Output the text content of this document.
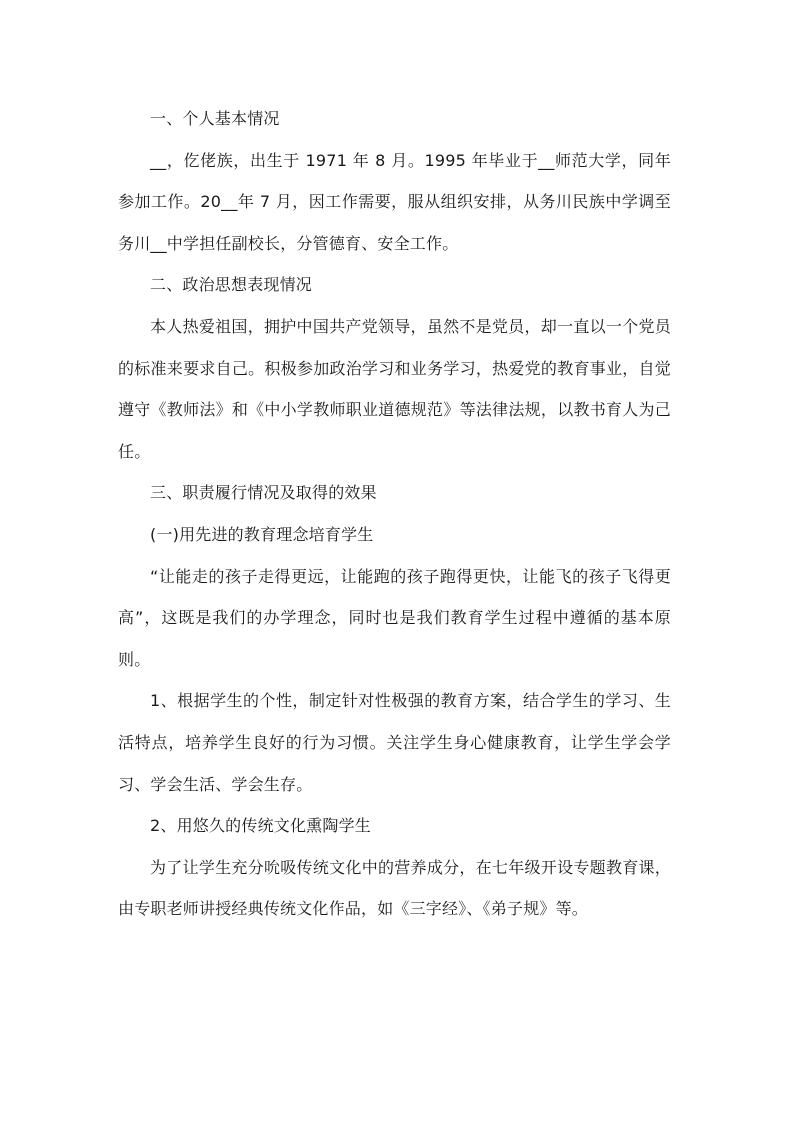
一、个人基本情况

__，仡佬族，出生于 1971 年 8 月。1995 年毕业于__师范大学，同年参加工作。20__年 7 月，因工作需要，服从组织安排，从务川民族中学调至务川__中学担任副校长，分管德育、安全工作。

二、政治思想表现情况

本人热爱祖国，拥护中国共产党领导，虽然不是党员，却一直以一个党员的标准来要求自己。积极参加政治学习和业务学习，热爱党的教育事业，自觉遵守《教师法》和《中小学教师职业道德规范》等法律法规，以教书育人为己任。

三、职责履行情况及取得的效果

(一)用先进的教育理念培育学生

“让能走的孩子走得更远，让能跑的孩子跑得更快，让能飞的孩子飞得更高”，这既是我们的办学理念，同时也是我们教育学生过程中遵循的基本原则。

1、根据学生的个性，制定针对性极强的教育方案，结合学生的学习、生活特点，培养学生良好的行为习惯。关注学生身心健康教育，让学生学会学习、学会生活、学会生存。

2、用悠久的传统文化熏陶学生

为了让学生充分吮吸传统文化中的营养成分，在七年级开设专题教育课，由专职老师讲授经典传统文化作品，如《三字经》、《弟子规》等。
